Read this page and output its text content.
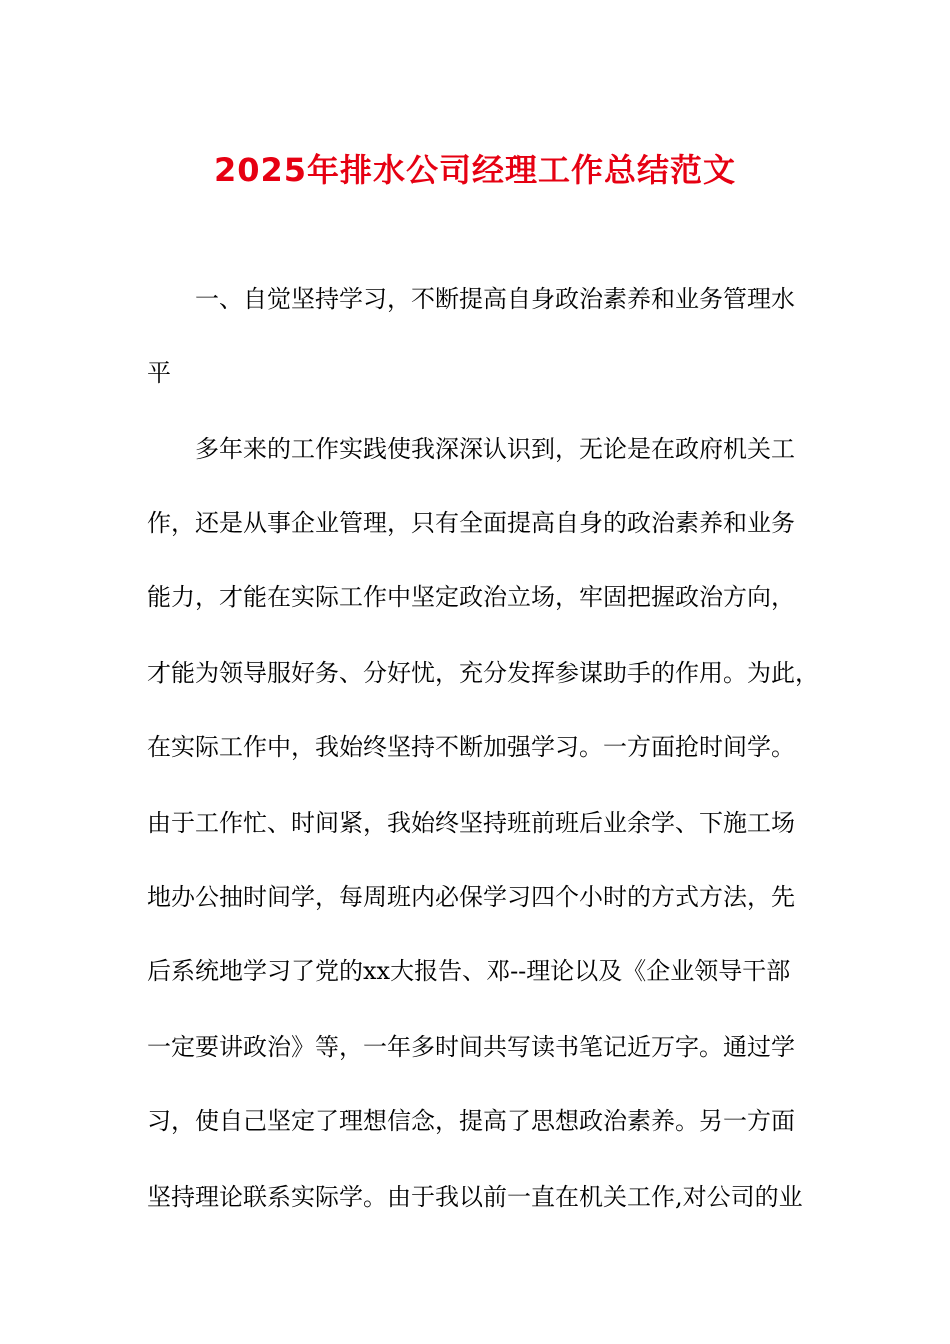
2025年排水公司经理工作总结范文

一、自觉坚持学习，不断提高自身政治素养和业务管理水

平

多年来的工作实践使我深深认识到，无论是在政府机关工

作，还是从事企业管理，只有全面提高自身的政治素养和业务

能力，才能在实际工作中坚定政治立场，牢固把握政治方向，

才能为领导服好务、分好忧，充分发挥参谋助手的作用。为此，

在实际工作中，我始终坚持不断加强学习。一方面抢时间学。

由于工作忙、时间紧，我始终坚持班前班后业余学、下施工场

地办公抽时间学，每周班内必保学习四个小时的方式方法，先

后系统地学习了党的xx大报告、邓--理论以及《企业领导干部

一定要讲政治》等，一年多时间共写读书笔记近万字。通过学

习，使自己坚定了理想信念，提高了思想政治素养。另一方面

坚持理论联系实际学。由于我以前一直在机关工作,对公司的业
